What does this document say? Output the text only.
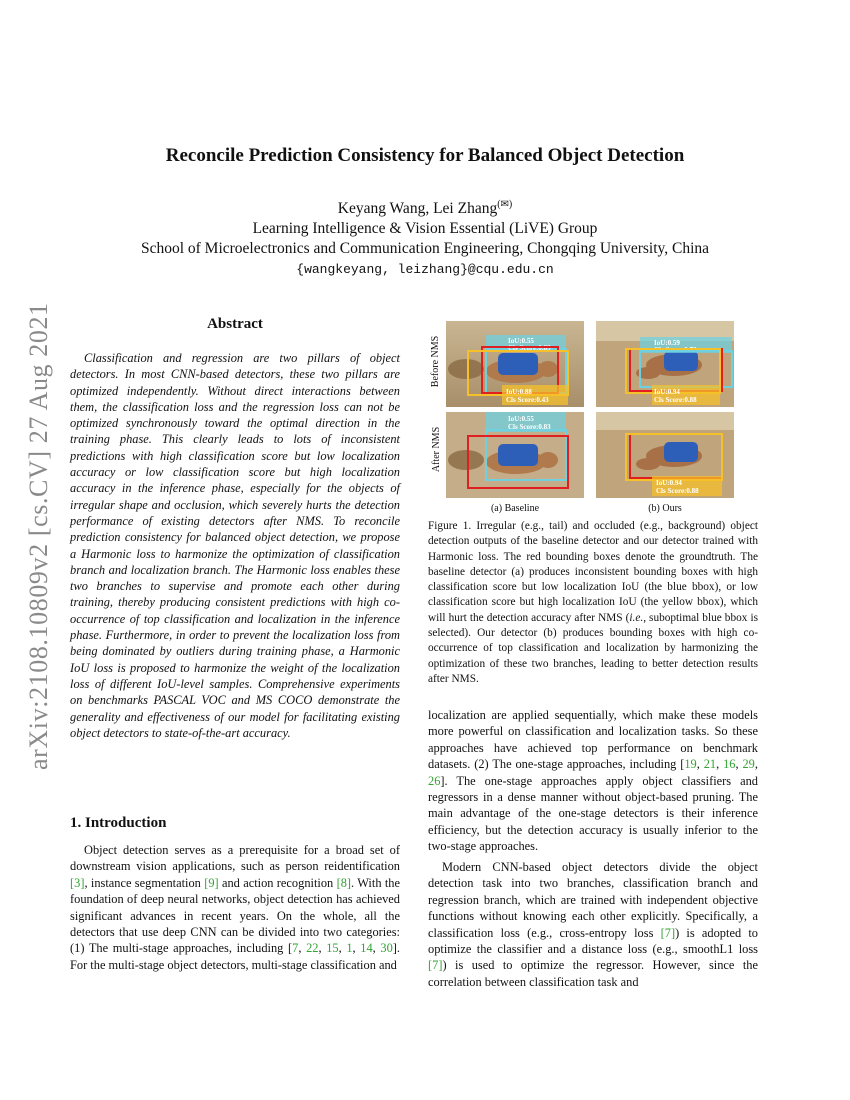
arXiv:2108.10809v2 [cs.CV] 27 Aug 2021
Reconcile Prediction Consistency for Balanced Object Detection
Keyang Wang, Lei Zhang(✉)
Learning Intelligence & Vision Essential (LiVE) Group
School of Microelectronics and Communication Engineering, Chongqing University, China
{wangkeyang, leizhang}@cqu.edu.cn
Abstract

Classification and regression are two pillars of object detectors. In most CNN-based detectors, these two pillars are optimized independently. Without direct interactions between them, the classification loss and the regression loss can not be optimized synchronously toward the optimal direction in the training phase. This clearly leads to lots of inconsistent predictions with high classification score but low localization accuracy or low classification score but high localization accuracy in the inference phase, especially for the objects of irregular shape and occlusion, which severely hurts the detection performance of existing detectors after NMS. To reconcile prediction consistency for balanced object detection, we propose a Harmonic loss to harmonize the optimization of classification branch and localization branch. The Harmonic loss enables these two branches to supervise and promote each other during training, thereby producing consistent predictions with high co-occurrence of top classification and localization in the inference phase. Furthermore, in order to prevent the localization loss from being dominated by outliers during training phase, a Harmonic IoU loss is proposed to harmonize the weight of the localization loss of different IoU-level samples. Comprehensive experiments on benchmarks PASCAL VOC and MS COCO demonstrate the generality and effectiveness of our model for facilitating existing object detectors to state-of-the-art accuracy.

1. Introduction

Object detection serves as a prerequisite for a broad set of downstream vision applications, such as person reidentification [3], instance segmentation [9] and action recognition [8]. With the foundation of deep neural networks, object detection has achieved significant advances in recent years. On the whole, all the detectors that use deep CNN can be divided into two categories: (1) The multi-stage approaches, including [7, 22, 15, 1, 14, 30]. For the multi-stage object detectors, multi-stage classification and

Before NMS
After NMS
IoU:0.55
Cls Score:0.83
IoU:0.88
Cls Score:0.43
IoU:0.59
Cls Score:0.73
IoU:0.94
Cls Score:0.88
IoU:0.55
Cls Score:0.83
IoU:0.94
Cls Score:0.88
(a) Baseline	(b) Ours

Figure 1. Irregular (e.g., tail) and occluded (e.g., background) object detection outputs of the baseline detector and our detector trained with Harmonic loss. The red bounding boxes denote the groundtruth. The baseline detector (a) produces inconsistent bounding boxes with high classification score but low localization IoU (the blue bbox), or low classification score but high localization IoU (the yellow bbox), which will hurt the detection accuracy after NMS (i.e., suboptimal blue bbox is selected). Our detector (b) produces bounding boxes with high co-occurrence of top classification and localization by harmonizing the optimization of these two branches, leading to better detection results after NMS.

localization are applied sequentially, which make these models more powerful on classification and localization tasks. So these approaches have achieved top performance on benchmark datasets. (2) The one-stage approaches, including [19, 21, 16, 29, 26]. The one-stage approaches apply object classifiers and regressors in a dense manner without object-based pruning. The main advantage of the one-stage detectors is their inference efficiency, but the detection accuracy is usually inferior to the two-stage approaches.

Modern CNN-based object detectors divide the object detection task into two branches, classification branch and regression branch, which are trained with independent objective functions without knowing each other explicitly. Specifically, a classification loss (e.g., cross-entropy loss [7]) is adopted to optimize the classifier and a distance loss (e.g., smoothL1 loss [7]) is used to optimize the regressor. However, since the correlation between classification task and
